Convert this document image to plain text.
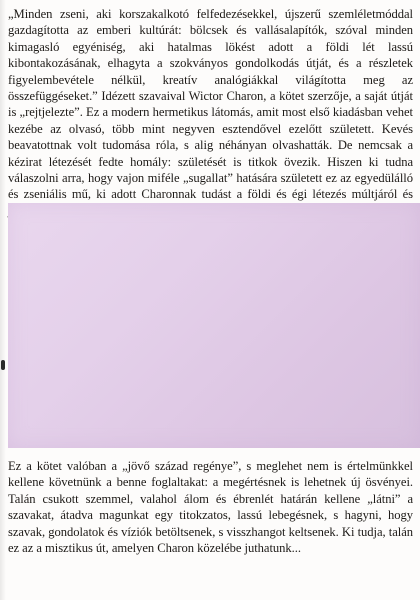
„Minden zseni, aki korszakalkotó felfedezésekkel, újszerű szemléletmóddal gazdagította az emberi kultúrát: bölcsek és vallásalapítók, szóval minden kimagasló egyéniség, aki hatalmas lökést adott a földi lét lassú kibontakozásának, elhagyta a szokványos gondolkodás útját, és a részletek figyelembevétele nélkül, kreatív analógiákkal világította meg az összefüggéseket.” Idézett szavaival Wictor Charon, a kötet szerzője, a saját útját is „rejtjelezte”. Ez a modern hermetikus látomás, amit most első kiadásban vehet kezébe az olvasó, több mint negyven esztendővel ezelőtt született. Kevés beavatottnak volt tudomása róla, s alig néhányan olvashatták. De nemcsak a kézirat létezését fedte homály: születését is titkok övezik. Hiszen ki tudna válaszolni arra, hogy vajon miféle „sugallat” hatására született ez az egyedülálló és zseniális mű, ki adott Charonnak tudást a földi és égi létezés múltjáról és

Ez a kötet valóban a „jövő század regénye”, s meglehet nem is értelmünkkel kellene követnünk a benne foglaltakat: a megértésnek is lehetnek új ösvényei. Talán csukott szemmel, valahol álom és ébrenlét határán kellene „látni” a szavakat, átadva magunkat egy titokzatos, lassú lebegésnek, s hagyni, hogy szavak, gondolatok és víziók betöltsenek, s visszhangot keltsenek. Ki tudja, talán ez az a misztikus út, amelyen Charon közelébe juthatunk...
